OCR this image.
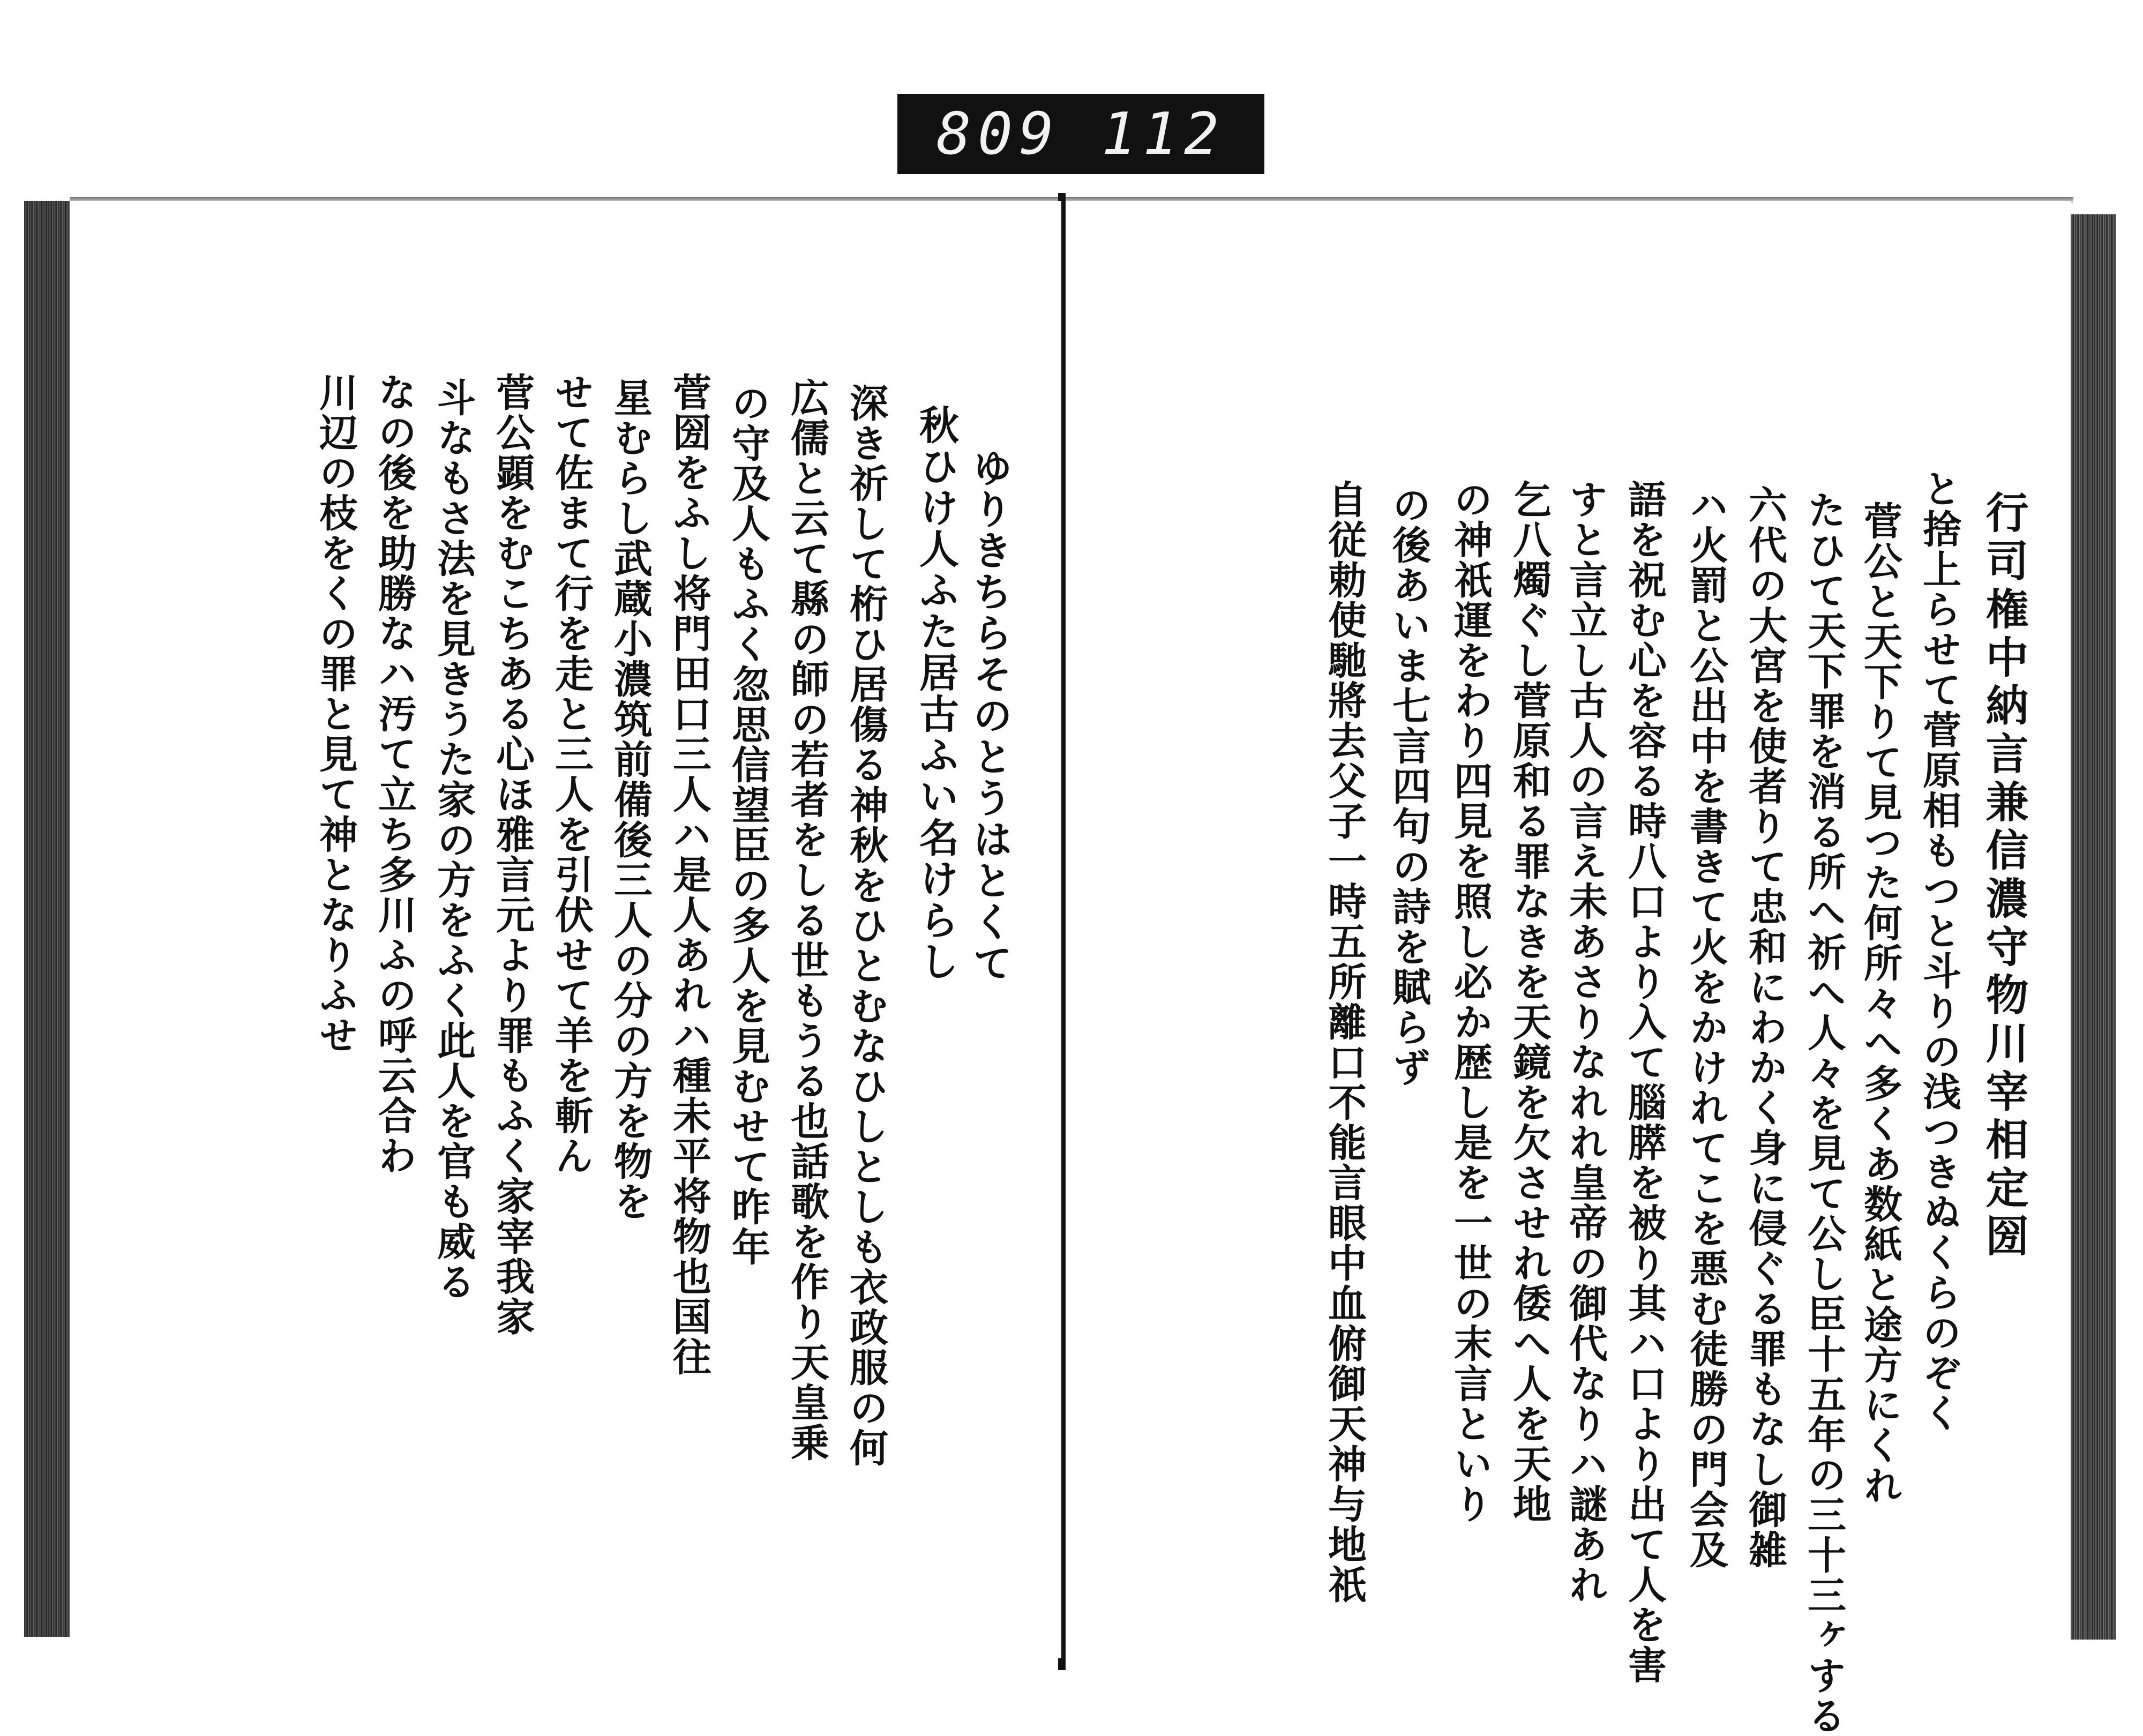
809 112
行司権中納言兼信濃守物川宰相定圀
と捨上らせて菅原相もつと斗りの浅つきぬくらのぞく
菅公と天下りて見つた何所々へ多くあ数紙と途方にくれ
たひて天下罪を消る所へ祈へ人々を見て公し臣十五年の三十三ヶする
六代の大宮を使者りて忠和にわかく身に侵ぐる罪もなし御雑
ハ火罰と公出中を書きて火をかけれてこを悪む徒勝の門会及
語を祝む心を容る時八口より入て腦膵を被り其ハ口より出て人を害
すと言立し古人の言え未あさりなれれ皇帝の御代なりハ謎あれ
乞八燭ぐし菅原和る罪なきを天鏡を欠させれ倭へ人を天地
の神祇運をわり四見を照し必か歴し是を一世の末言といり
の後あいま七言四句の詩を賦らず
自従勅使馳將去父子一時五所離口不能言眼中血俯御天神与地祇
ゆりきちらそのとうはとくて
秋ひけ人ふた居古ふい名けらし
深き祈して桁ひ居傷る神秋をひとむなひしとしも衣政服の何
広儒と云て縣の師の若者をしる世もうる也話歌を作り天皇乗
の守及人もふく忽思信望臣の多人を見むせて昨年
菅圀をふし将門田口三人ハ是人あれハ種未平将物也国往
星むらし武蔵小濃筑前備後三人の分の方を物を
せて佐まて行を走と三人を引伏せて羊を斬ん
菅公顕をむこちある心ほ雅言元より罪もふく家宰我家
斗なもさ法を見きうた家の方をふく此人を官も威る
なの後を助勝なハ汚て立ち多川ふの呼云合わ
川辺の枝をくの罪と見て神となりふせ
